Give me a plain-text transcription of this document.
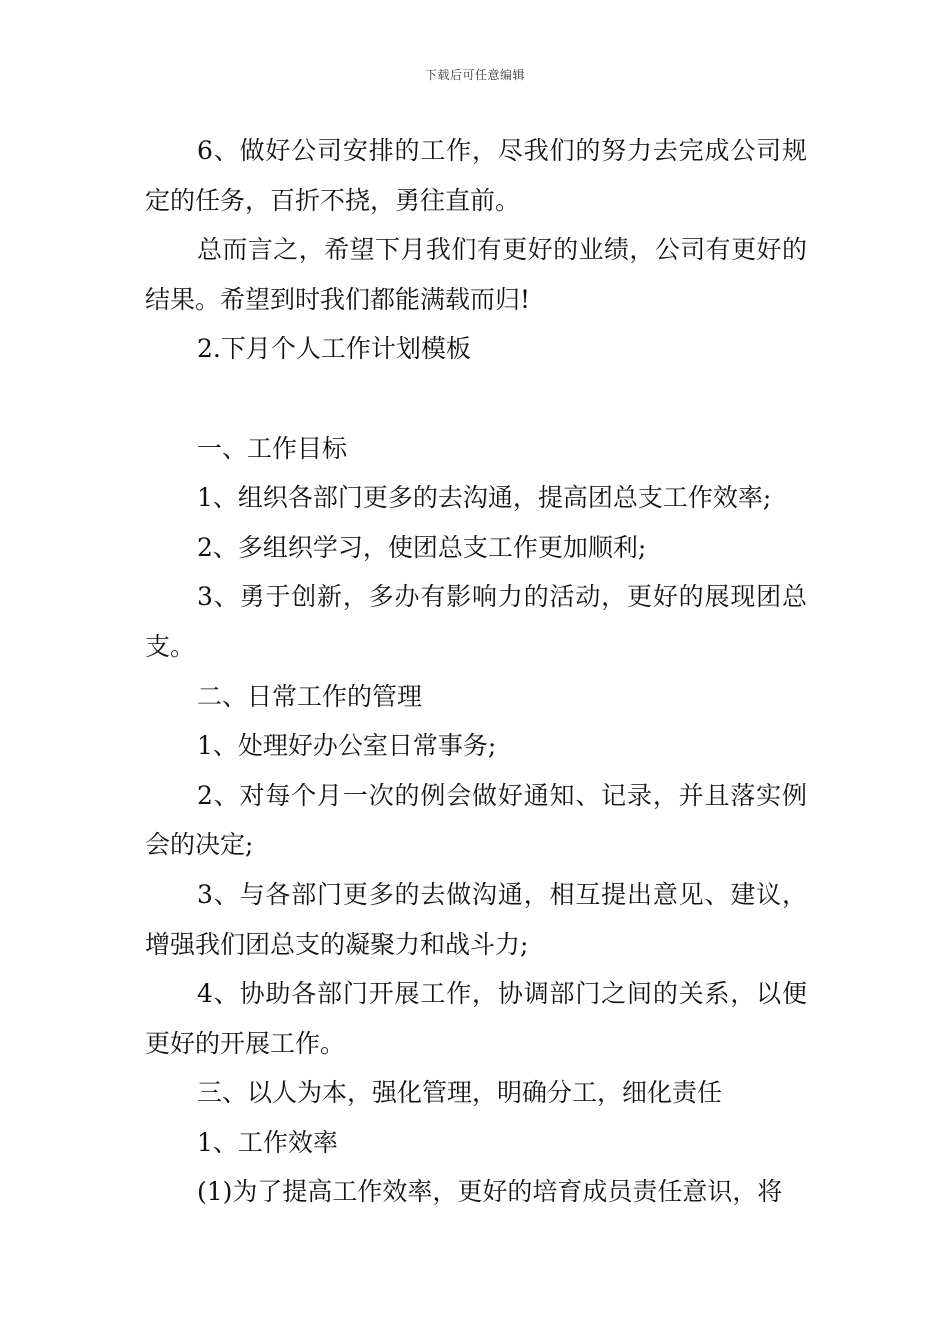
下载后可任意编辑

6、做好公司安排的工作，尽我们的努力去完成公司规定的任务，百折不挠，勇往直前。

总而言之，希望下月我们有更好的业绩，公司有更好的结果。希望到时我们都能满载而归!

2.下月个人工作计划模板

一、工作目标

1、组织各部门更多的去沟通，提高团总支工作效率;

2、多组织学习，使团总支工作更加顺利;

3、勇于创新，多办有影响力的活动，更好的展现团总支。

二、日常工作的管理

1、处理好办公室日常事务;

2、对每个月一次的例会做好通知、记录，并且落实例会的决定;

3、与各部门更多的去做沟通，相互提出意见、建议，增强我们团总支的凝聚力和战斗力;

4、协助各部门开展工作，协调部门之间的关系，以便更好的开展工作。

三、以人为本，强化管理，明确分工，细化责任

1、工作效率

(1)为了提高工作效率，更好的培育成员责任意识，将
